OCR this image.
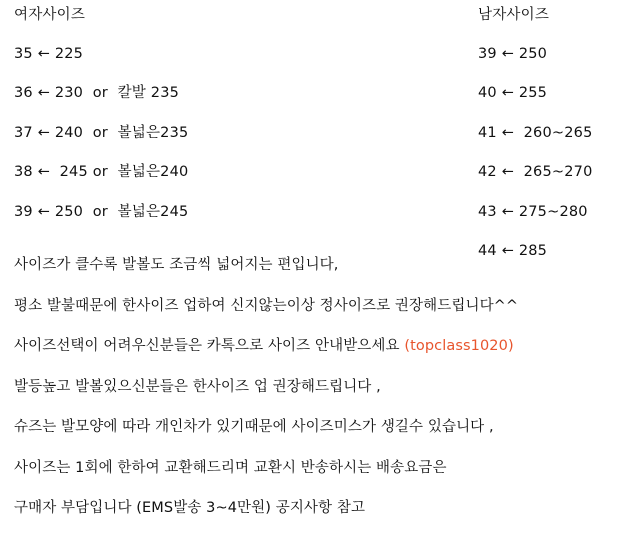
여자사이즈
35 ← 225
36 ← 230  or  칼발 235
37 ← 240  or  볼넓은235
38 ←  245 or  볼넓은240
39 ← 250  or  볼넓은245
남자사이즈
39 ← 250
40 ← 255
41 ←  260~265
42 ←  265~270
43 ← 275~280
44 ← 285
사이즈가 클수록 발볼도 조금씩 넓어지는 편입니다,
평소 발불때문에 한사이즈 업하여 신지않는이상 정사이즈로 권장해드립니다^^
사이즈선택이 어려우신분들은 카톡으로 사이즈 안내받으세요 (topclass1020)
발등높고 발볼있으신분들은 한사이즈 업 권장해드립니다 ,
슈즈는 발모양에 따라 개인차가 있기때문에 사이즈미스가 생길수 있습니다 ,
사이즈는 1회에 한하여 교환해드리며 교환시 반송하시는 배송요금은
구매자 부담입니다 (EMS발송 3~4만원) 공지사항 참고
